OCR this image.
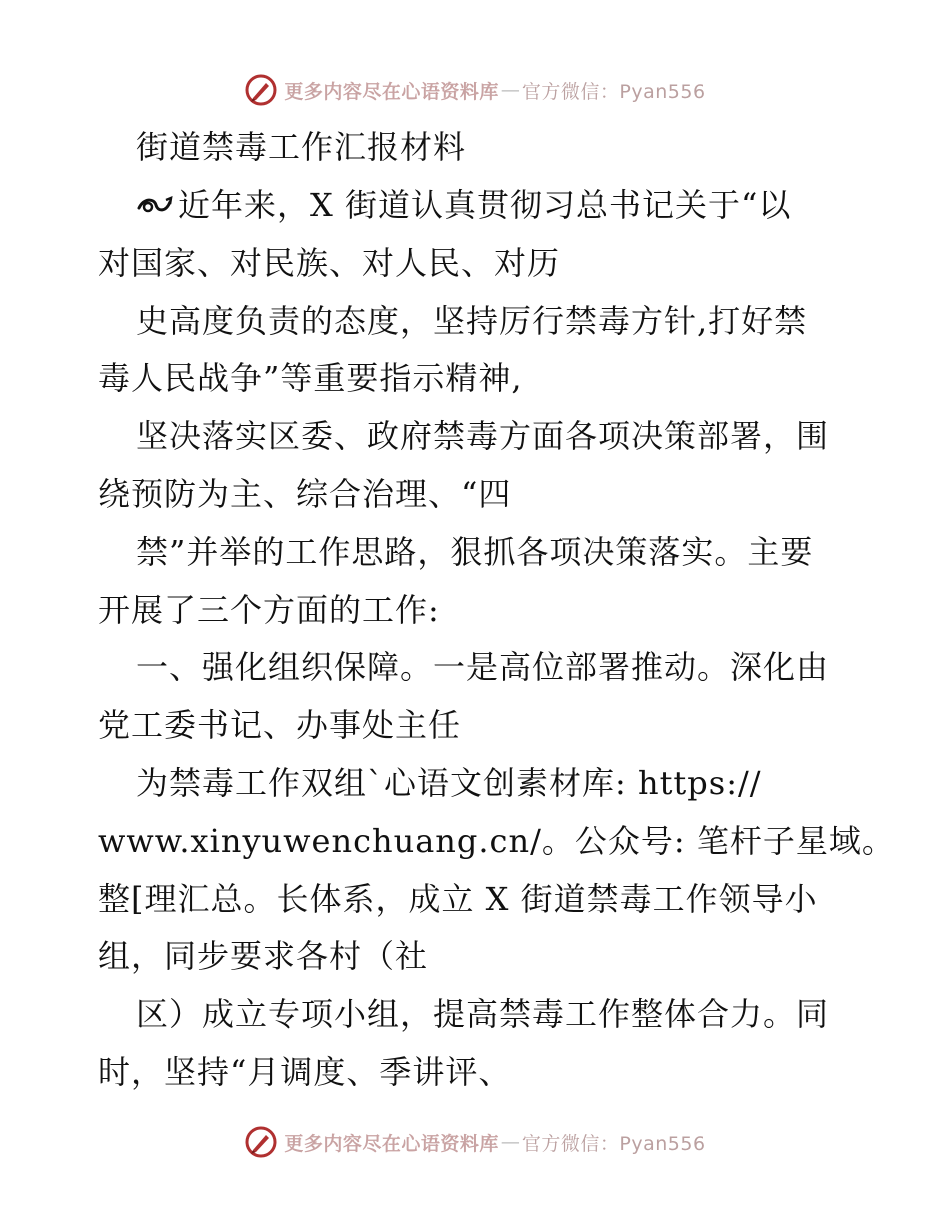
更多内容尽在心语资料库 — 官方微信：Pyan556
街道禁毒工作汇报材料
近年来，X 街道认真贯彻习总书记关于“以
对国家、对民族、对人民、对历
史高度负责的态度，坚持厉行禁毒方针,打好禁
毒人民战争”等重要指示精神,
坚决落实区委、政府禁毒方面各项决策部署，围
绕预防为主、综合治理、“四
禁”并举的工作思路，狠抓各项决策落实。主要
开展了三个方面的工作:
一、强化组织保障。一是高位部署推动。深化由
党工委书记、办事处主任
为禁毒工作双组`心语文创素材库: https://
www.xinyuwenchuang.cn/。公众号: 笔杆子星域。
整[理汇总。长体系，成立 X 街道禁毒工作领导小
组，同步要求各村（社
区）成立专项小组，提高禁毒工作整体合力。同
时，坚持“月调度、季讲评、
更多内容尽在心语资料库 — 官方微信：Pyan556
